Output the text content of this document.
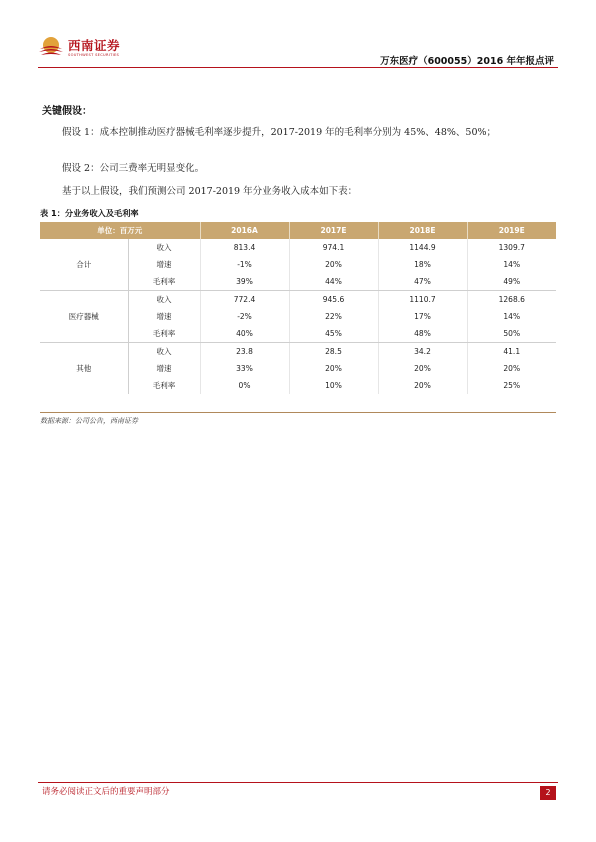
西南证券
SOUTHWEST SECURITIES
万东医疗（600055）2016 年年报点评
关键假设：
假设 1：成本控制推动医疗器械毛利率逐步提升，2017-2019 年的毛利率分别为 45%、48%、50%；
假设 2：公司三费率无明显变化。
基于以上假设，我们预测公司 2017-2019 年分业务收入成本如下表：
表 1：分业务收入及毛利率
单位：百万元		2016A	2017E	2018E	2019E
合计	收入	813.4	974.1	1144.9	1309.7
	增速	-1%	20%	18%	14%
	毛利率	39%	44%	47%	49%
医疗器械	收入	772.4	945.6	1110.7	1268.6
	增速	-2%	22%	17%	14%
	毛利率	40%	45%	48%	50%
其他	收入	23.8	28.5	34.2	41.1
	增速	33%	20%	20%	20%
	毛利率	0%	10%	20%	25%
数据来源：公司公告，西南证券
请务必阅读正文后的重要声明部分	2
